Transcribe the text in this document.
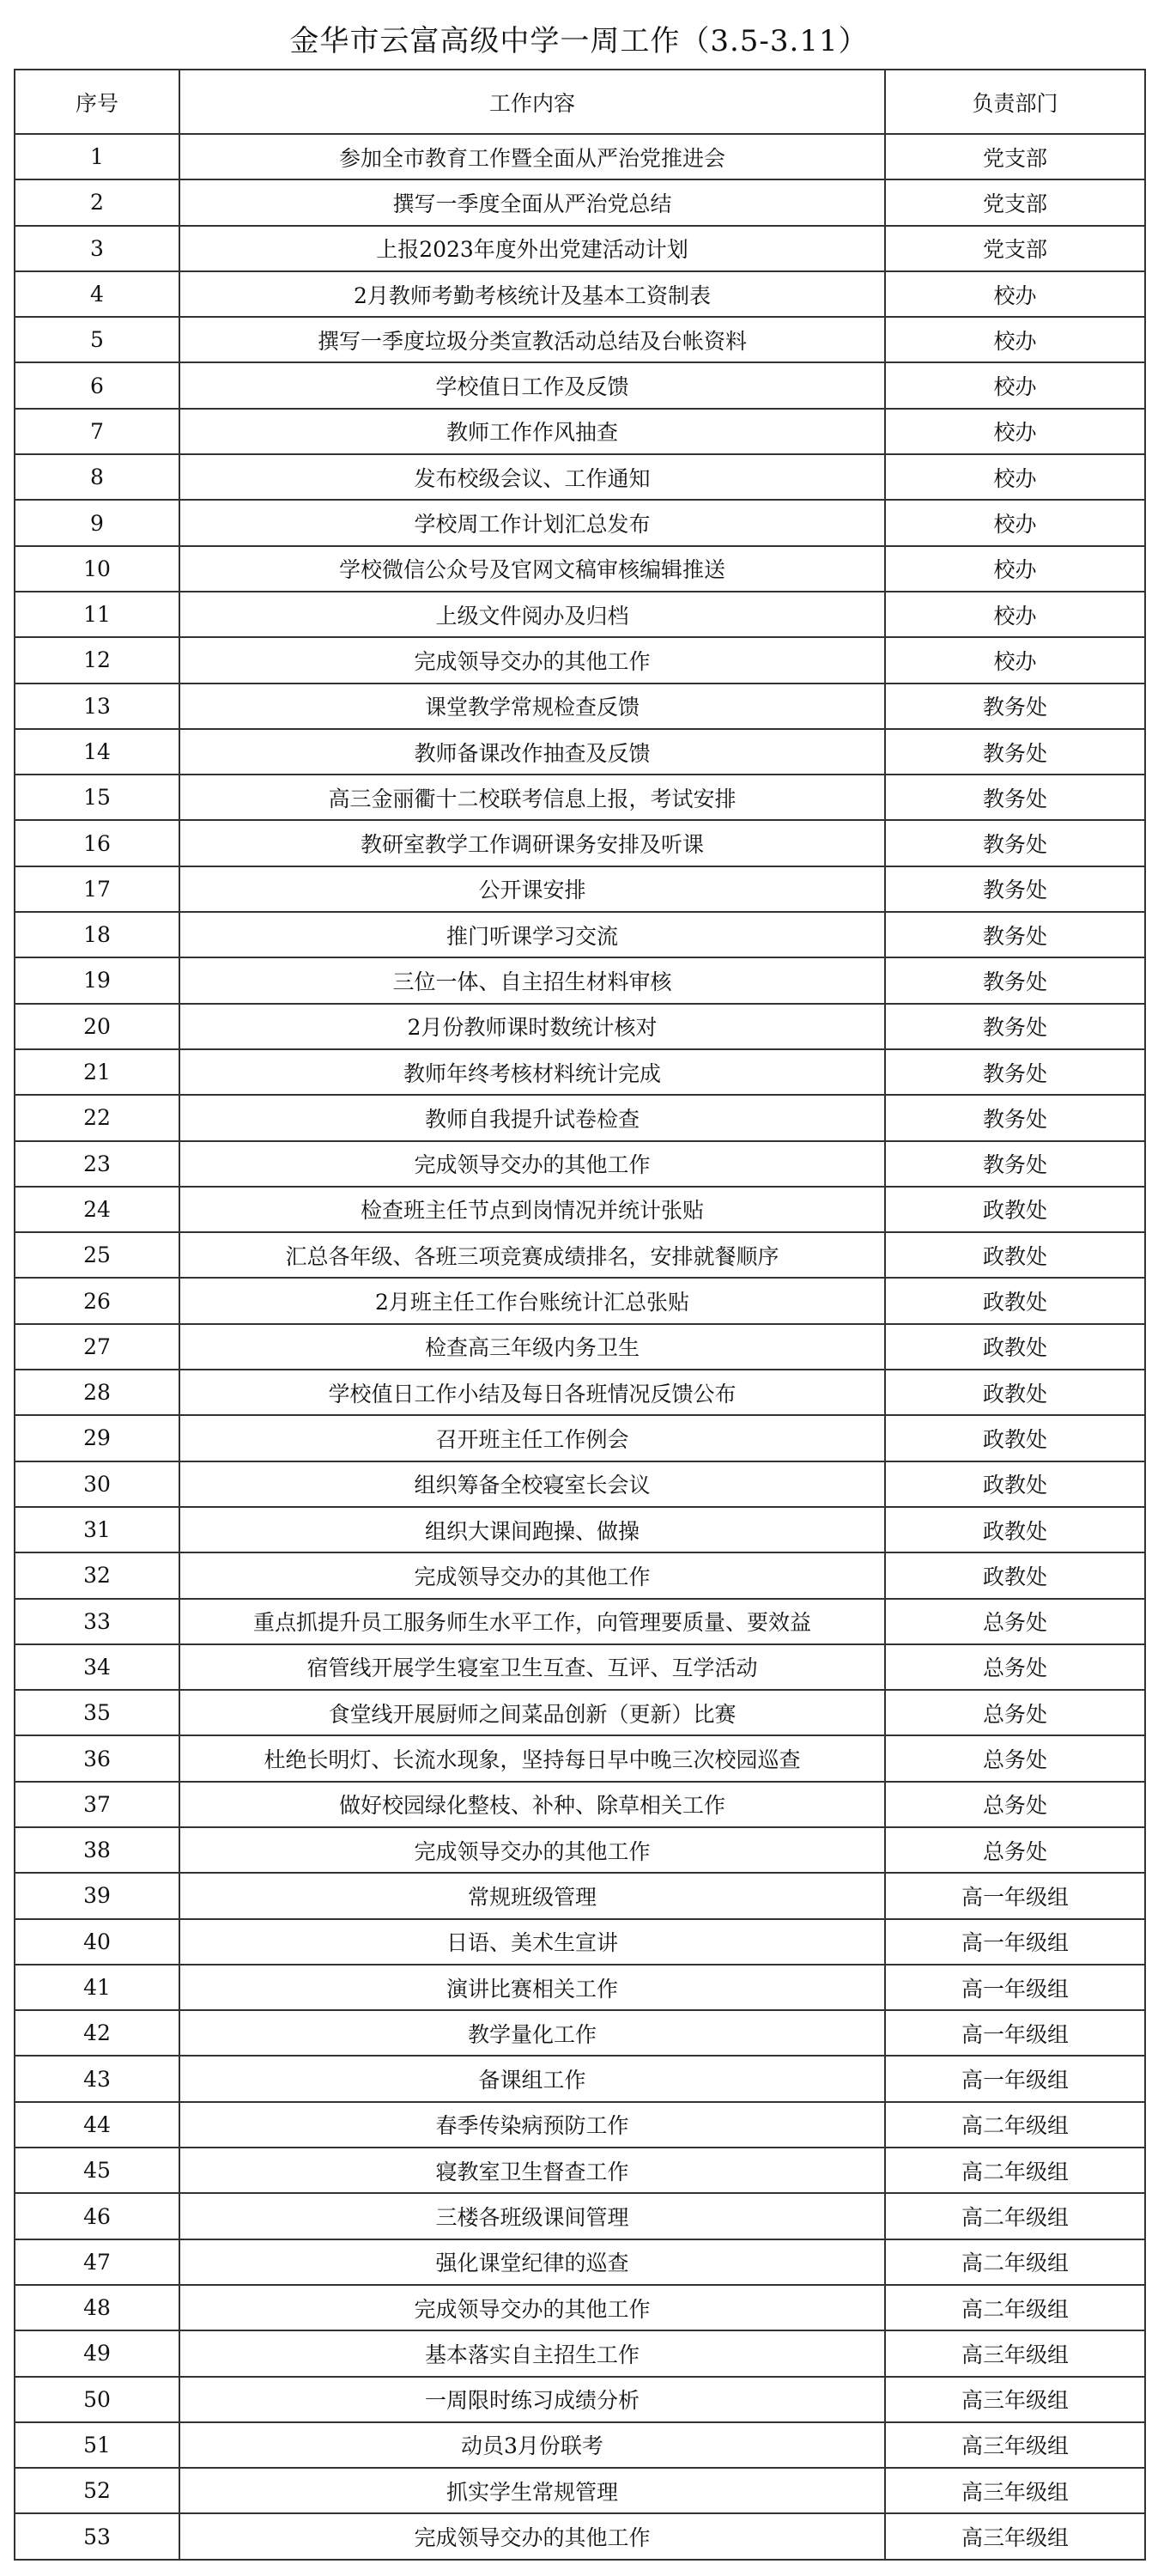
金华市云富高级中学一周工作（3.5-3.11）
序号	工作内容	负责部门
1	参加全市教育工作暨全面从严治党推进会	党支部
2	撰写一季度全面从严治党总结	党支部
3	上报2023年度外出党建活动计划	党支部
4	2月教师考勤考核统计及基本工资制表	校办
5	撰写一季度垃圾分类宣教活动总结及台帐资料	校办
6	学校值日工作及反馈	校办
7	教师工作作风抽查	校办
8	发布校级会议、工作通知	校办
9	学校周工作计划汇总发布	校办
10	学校微信公众号及官网文稿审核编辑推送	校办
11	上级文件阅办及归档	校办
12	完成领导交办的其他工作	校办
13	课堂教学常规检查反馈	教务处
14	教师备课改作抽查及反馈	教务处
15	高三金丽衢十二校联考信息上报，考试安排	教务处
16	教研室教学工作调研课务安排及听课	教务处
17	公开课安排	教务处
18	推门听课学习交流	教务处
19	三位一体、自主招生材料审核	教务处
20	2月份教师课时数统计核对	教务处
21	教师年终考核材料统计完成	教务处
22	教师自我提升试卷检查	教务处
23	完成领导交办的其他工作	教务处
24	检查班主任节点到岗情况并统计张贴	政教处
25	汇总各年级、各班三项竞赛成绩排名，安排就餐顺序	政教处
26	2月班主任工作台账统计汇总张贴	政教处
27	检查高三年级内务卫生	政教处
28	学校值日工作小结及每日各班情况反馈公布	政教处
29	召开班主任工作例会	政教处
30	组织筹备全校寝室长会议	政教处
31	组织大课间跑操、做操	政教处
32	完成领导交办的其他工作	政教处
33	重点抓提升员工服务师生水平工作，向管理要质量、要效益	总务处
34	宿管线开展学生寝室卫生互查、互评、互学活动	总务处
35	食堂线开展厨师之间菜品创新（更新）比赛	总务处
36	杜绝长明灯、长流水现象，坚持每日早中晚三次校园巡查	总务处
37	做好校园绿化整枝、补种、除草相关工作	总务处
38	完成领导交办的其他工作	总务处
39	常规班级管理	高一年级组
40	日语、美术生宣讲	高一年级组
41	演讲比赛相关工作	高一年级组
42	教学量化工作	高一年级组
43	备课组工作	高一年级组
44	春季传染病预防工作	高二年级组
45	寝教室卫生督查工作	高二年级组
46	三楼各班级课间管理	高二年级组
47	强化课堂纪律的巡查	高二年级组
48	完成领导交办的其他工作	高二年级组
49	基本落实自主招生工作	高三年级组
50	一周限时练习成绩分析	高三年级组
51	动员3月份联考	高三年级组
52	抓实学生常规管理	高三年级组
53	完成领导交办的其他工作	高三年级组
